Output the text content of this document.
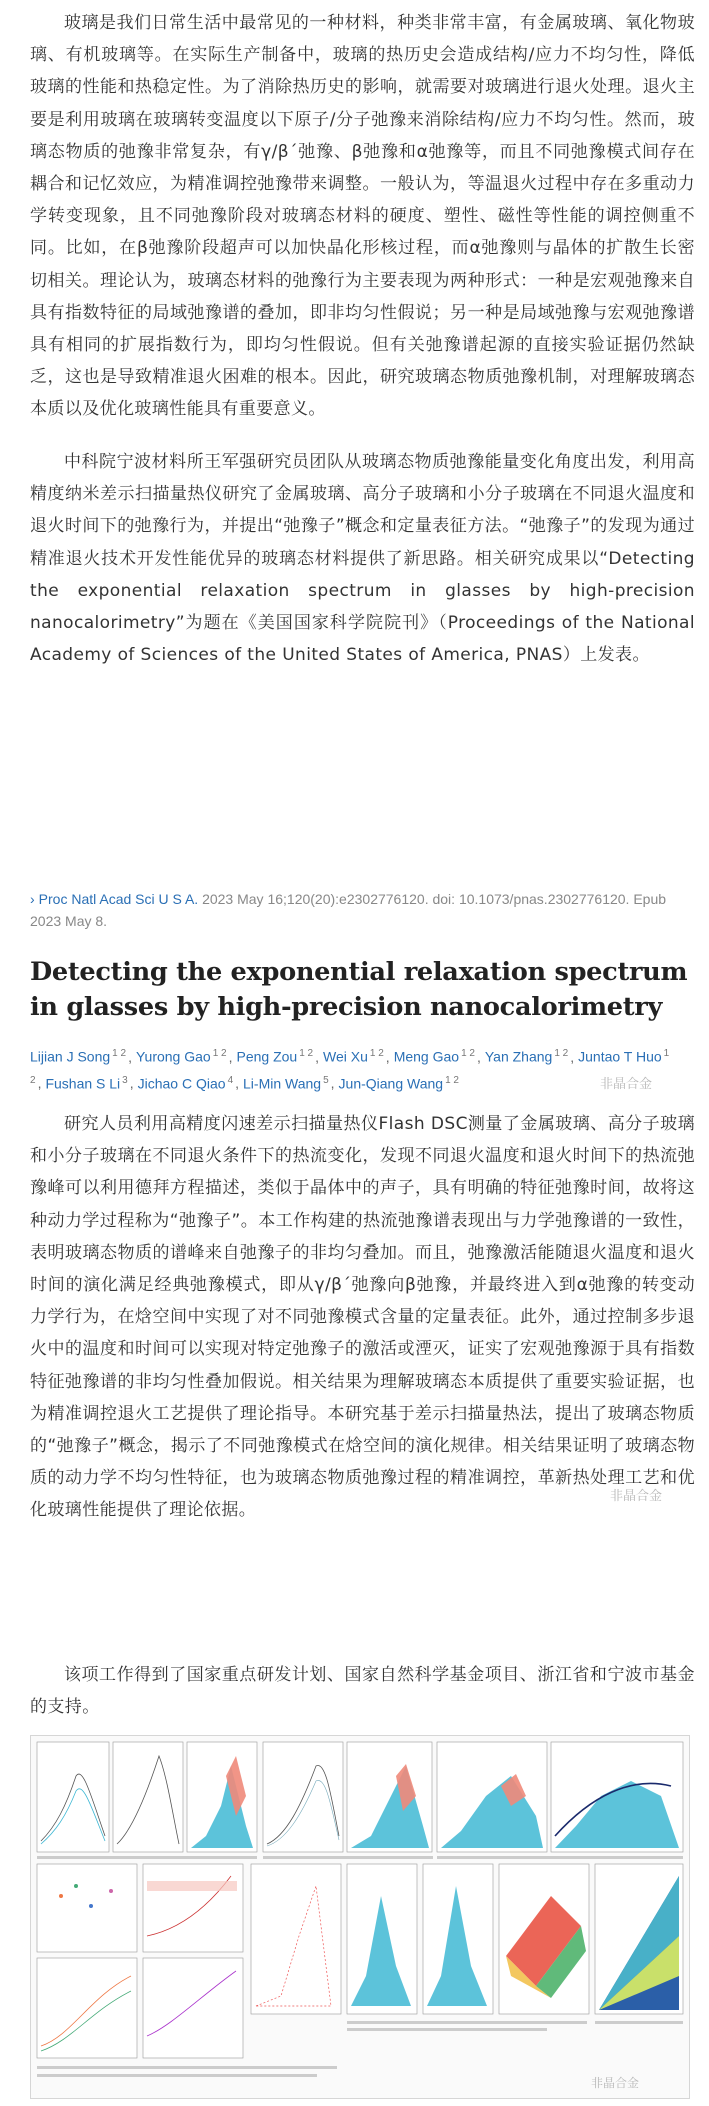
玻璃是我们日常生活中最常见的一种材料，种类非常丰富，有金属玻璃、氧化物玻璃、有机玻璃等。在实际生产制备中，玻璃的热历史会造成结构/应力不均匀性，降低玻璃的性能和热稳定性。为了消除热历史的影响，就需要对玻璃进行退火处理。退火主要是利用玻璃在玻璃转变温度以下原子/分子弛豫来消除结构/应力不均匀性。然而，玻璃态物质的弛豫非常复杂，有γ/β´弛豫、β弛豫和α弛豫等，而且不同弛豫模式间存在耦合和记忆效应，为精准调控弛豫带来调整。一般认为，等温退火过程中存在多重动力学转变现象，且不同弛豫阶段对玻璃态材料的硬度、塑性、磁性等性能的调控侧重不同。比如，在β弛豫阶段超声可以加快晶化形核过程，而α弛豫则与晶体的扩散生长密切相关。理论认为，玻璃态材料的弛豫行为主要表现为两种形式：一种是宏观弛豫来自具有指数特征的局域弛豫谱的叠加，即非均匀性假说；另一种是局域弛豫与宏观弛豫谱具有相同的扩展指数行为，即均匀性假说。但有关弛豫谱起源的直接实验证据仍然缺乏，这也是导致精准退火困难的根本。因此，研究玻璃态物质弛豫机制，对理解玻璃态本质以及优化玻璃性能具有重要意义。

中科院宁波材料所王军强研究员团队从玻璃态物质弛豫能量变化角度出发，利用高精度纳米差示扫描量热仪研究了金属玻璃、高分子玻璃和小分子玻璃在不同退火温度和退火时间下的弛豫行为，并提出“弛豫子”概念和定量表征方法。“弛豫子”的发现为通过精准退火技术开发性能优异的玻璃态材料提供了新思路。相关研究成果以“Detecting the exponential relaxation spectrum in glasses by high-precision nanocalorimetry”为题在《美国国家科学院院刊》（Proceedings of the National Academy of Sciences of the United States of America, PNAS）上发表。

› Proc Natl Acad Sci U S A. 2023 May 16;120(20):e2302776120. doi: 10.1073/pnas.2302776120. Epub 2023 May 8.
Detecting the exponential relaxation spectrum in glasses by high-precision nanocalorimetry
Lijian J Song $^{1 2}$ , Yurong Gao $^{1 2}$ , Peng Zou $^{1 2}$ , Wei Xu $^{1 2}$ , Meng Gao $^{1 2}$ , Yan Zhang $^{1 2}$ , Juntao T Huo $^{1 2}$ , Fushan S Li $^3$ , Jichao C Qiao $^4$ , Li-Min Wang $^5$ , Jun-Qiang Wang $^{1 2}$	非晶合金

研究人员利用高精度闪速差示扫描量热仪Flash DSC测量了金属玻璃、高分子玻璃和小分子玻璃在不同退火条件下的热流变化，发现不同退火温度和退火时间下的热流弛豫峰可以利用德拜方程描述，类似于晶体中的声子，具有明确的特征弛豫时间，故将这种动力学过程称为“弛豫子”。本工作构建的热流弛豫谱表现出与力学弛豫谱的一致性，表明玻璃态物质的谱峰来自弛豫子的非均匀叠加。而且，弛豫激活能随退火温度和退火时间的演化满足经典弛豫模式，即从γ/β´弛豫向β弛豫，并最终进入到α弛豫的转变动力学行为，在焓空间中实现了对不同弛豫模式含量的定量表征。此外，通过控制多步退火中的温度和时间可以实现对特定弛豫子的激活或湮灭，证实了宏观弛豫源于具有指数特征弛豫谱的非均匀性叠加假说。相关结果为理解玻璃态本质提供了重要实验证据，也为精准调控退火工艺提供了理论指导。本研究基于差示扫描量热法，提出了玻璃态物质的“弛豫子”概念，揭示了不同弛豫模式在焓空间的演化规律。相关结果证明了玻璃态物质的动力学不均匀性特征，也为玻璃态物质弛豫过程的精准调控，革新热处理工艺和优化玻璃性能提供了理论依据。

非晶合金

该项工作得到了国家重点研发计划、国家自然科学基金项目、浙江省和宁波市基金的支持。

非晶合金
